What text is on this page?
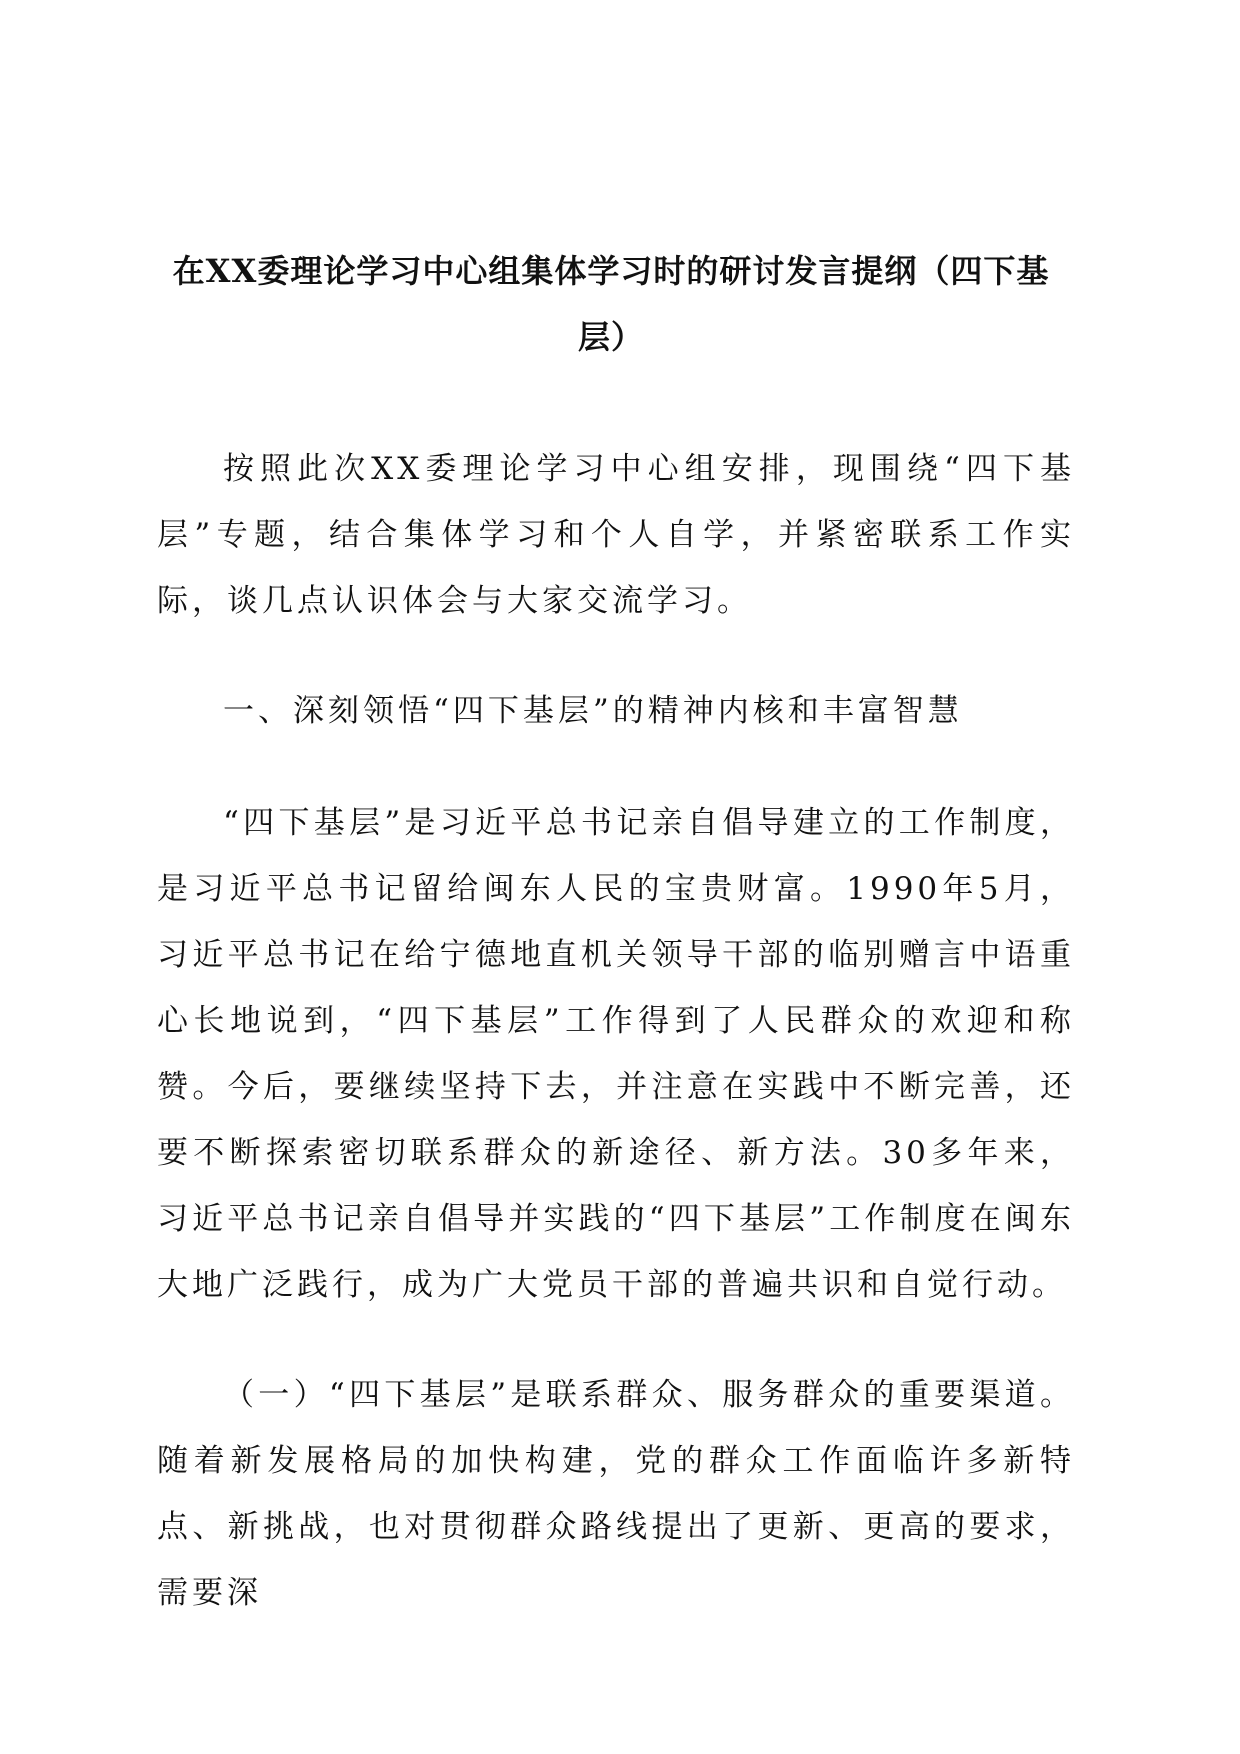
在XX委理论学习中心组集体学习时的研讨发言提纲（四下基层）

按照此次XX委理论学习中心组安排，现围绕“四下基层”专题，结合集体学习和个人自学，并紧密联系工作实际，谈几点认识体会与大家交流学习。

一、深刻领悟“四下基层”的精神内核和丰富智慧

“四下基层”是习近平总书记亲自倡导建立的工作制度，是习近平总书记留给闽东人民的宝贵财富。1990年5月，习近平总书记在给宁德地直机关领导干部的临别赠言中语重心长地说到，“四下基层”工作得到了人民群众的欢迎和称赞。今后，要继续坚持下去，并注意在实践中不断完善，还要不断探索密切联系群众的新途径、新方法。30多年来，习近平总书记亲自倡导并实践的“四下基层”工作制度在闽东大地广泛践行，成为广大党员干部的普遍共识和自觉行动。

（一）“四下基层”是联系群众、服务群众的重要渠道。随着新发展格局的加快构建，党的群众工作面临许多新特点、新挑战，也对贯彻群众路线提出了更新、更高的要求，需要深
